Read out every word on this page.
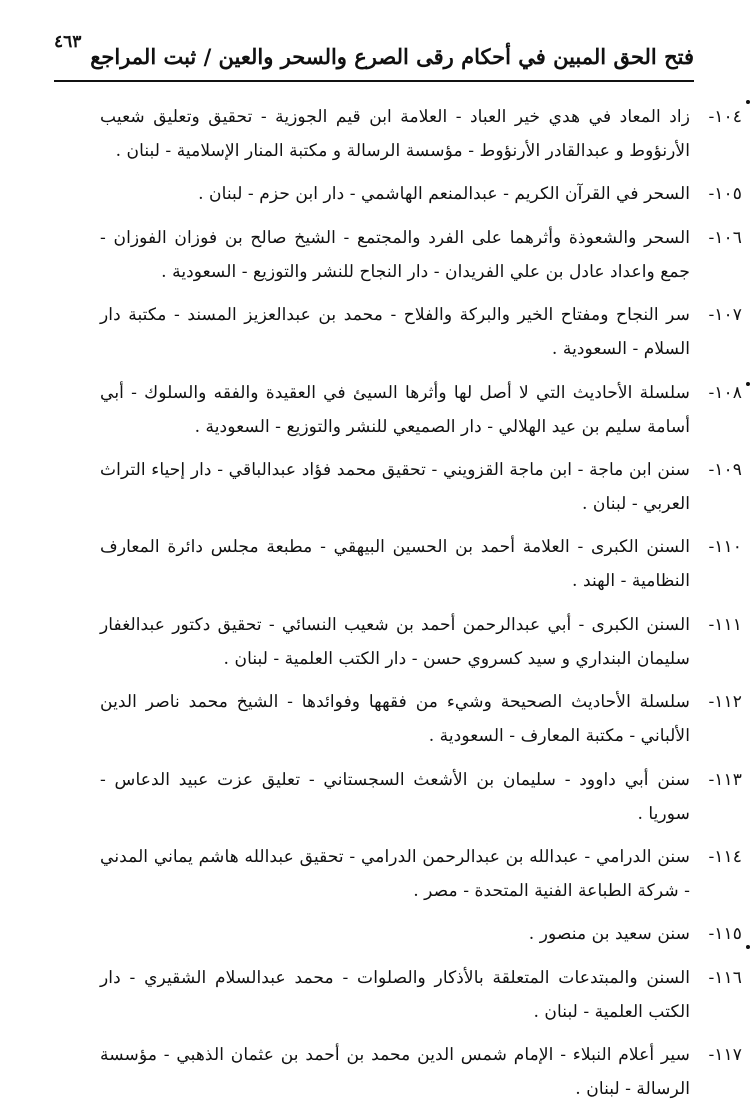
٤٦٣
فتح الحق المبين في أحكام رقى الصرع والسحر والعين / ثبت المراجع
١٠٤-
زاد المعاد في هدي خير العباد - العلامة ابن قيم الجوزية - تحقيق وتعليق شعيب الأرنؤوط و عبدالقادر الأرنؤوط - مؤسسة الرسالة و مكتبة المنار الإسلامية - لبنان .
١٠٥-
السحر في القرآن الكريم - عبدالمنعم الهاشمي - دار ابن حزم - لبنان .
١٠٦-
السحر والشعوذة وأثرهما على الفرد والمجتمع - الشيخ صالح بن فوزان الفوزان - جمع واعداد عادل بن علي الفريدان - دار النجاح للنشر والتوزيع - السعودية .
١٠٧-
سر النجاح ومفتاح الخير والبركة والفلاح - محمد بن عبدالعزيز المسند - مكتبة دار السلام - السعودية .
١٠٨-
سلسلة الأحاديث التي لا أصل لها وأثرها السيئ في العقيدة والفقه والسلوك - أبي أسامة سليم بن عيد الهلالي - دار الصميعي للنشر والتوزيع - السعودية .
١٠٩-
سنن ابن ماجة - ابن ماجة القزويني - تحقيق محمد فؤاد عبدالباقي - دار إحياء التراث العربي - لبنان .
١١٠-
السنن الكبرى - العلامة أحمد بن الحسين البيهقي - مطبعة مجلس دائرة المعارف النظامية - الهند .
١١١-
السنن الكبرى - أبي عبدالرحمن أحمد بن شعيب النسائي - تحقيق دكتور عبدالغفار سليمان البنداري و سيد كسروي حسن - دار الكتب العلمية - لبنان .
١١٢-
سلسلة الأحاديث الصحيحة وشيء من فقهها وفوائدها - الشيخ محمد ناصر الدين الألباني - مكتبة المعارف - السعودية .
١١٣-
سنن أبي داوود - سليمان بن الأشعث السجستاني - تعليق عزت عبيد الدعاس - سوريا .
١١٤-
سنن الدرامي - عبدالله بن عبدالرحمن الدرامي - تحقيق عبدالله هاشم يماني المدني - شركة الطباعة الفنية المتحدة - مصر .
١١٥-
سنن سعيد بن منصور .
١١٦-
السنن والمبتدعات المتعلقة بالأذكار والصلوات - محمد عبدالسلام الشقيري - دار الكتب العلمية - لبنان .
١١٧-
سير أعلام النبلاء - الإمام شمس الدين محمد بن أحمد بن عثمان الذهبي - مؤسسة الرسالة - لبنان .
